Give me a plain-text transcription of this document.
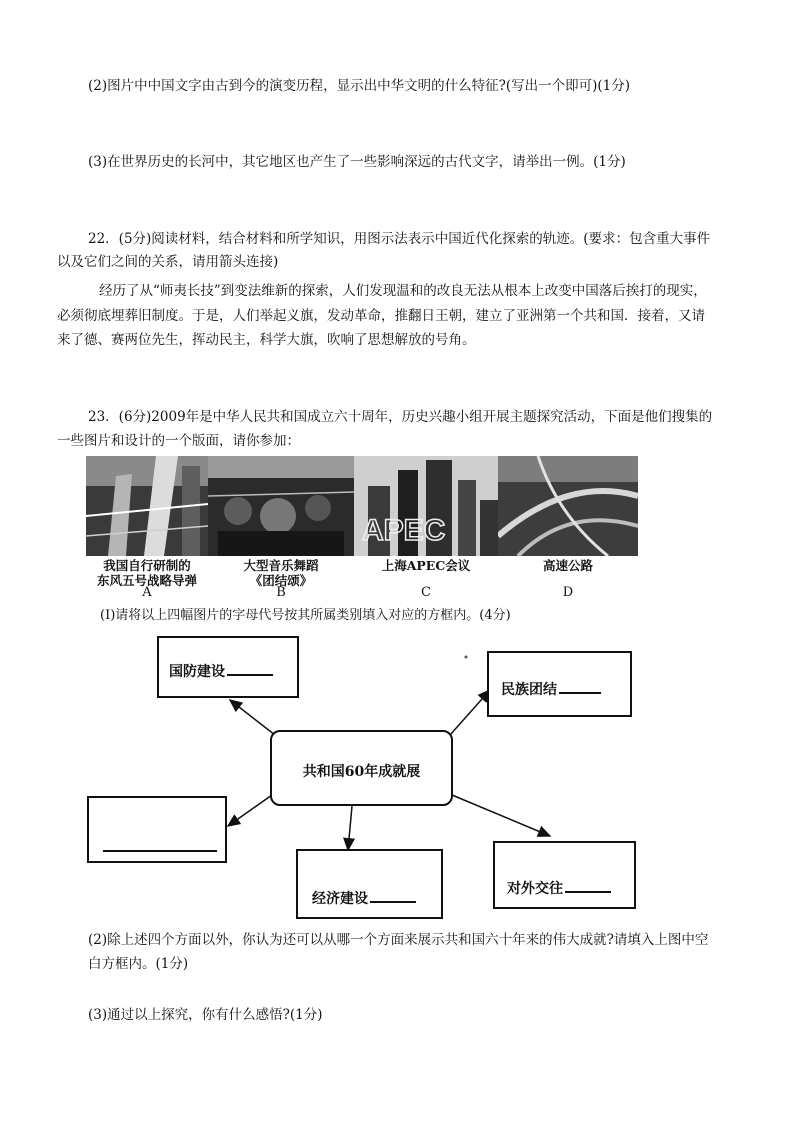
(2)图片中中国文字由古到今的演变历程，显示出中华文明的什么特征?(写出一个即可)(1分)
(3)在世界历史的长河中，其它地区也产生了一些影响深远的古代文字，请举出一例。(1分)
22．(5分)阅读材料，结合材料和所学知识，用图示法表示中国近代化探索的轨迹。(要求：包含重大事件
以及它们之间的关系，请用箭头连接)
经历了从“师夷长技”到变法维新的探索，人们发现温和的改良无法从根本上改变中国落后挨打的现实，
必须彻底埋葬旧制度。于是，人们举起义旗，发动革命，推翻日王朝，建立了亚洲第一个共和国．接着，又请
来了德、赛两位先生，挥动民主，科学大旗，吹响了思想解放的号角。
23．(6分)2009年是中华人民共和国成立六十周年，历史兴趣小组开展主题探究活动，下面是他们搜集的
一些图片和设计的一个版面，请你参加：
APEC
我国自行研制的
东风五号战略导弹
A
大型音乐舞蹈
《团结颂》
B
上海APEC会议
C
高速公路
D
(I)请将以上四幅图片的字母代号按其所属类别填入对应的方框内。(4分)
国防建设
民族团结
共和国60年成就展
经济建设
对外交往
(2)除上述四个方面以外，你认为还可以从哪一个方面来展示共和国六十年来的伟大成就?请填入上图中空
白方框内。(1分)
(3)通过以上探究，你有什么感悟?(1分)
